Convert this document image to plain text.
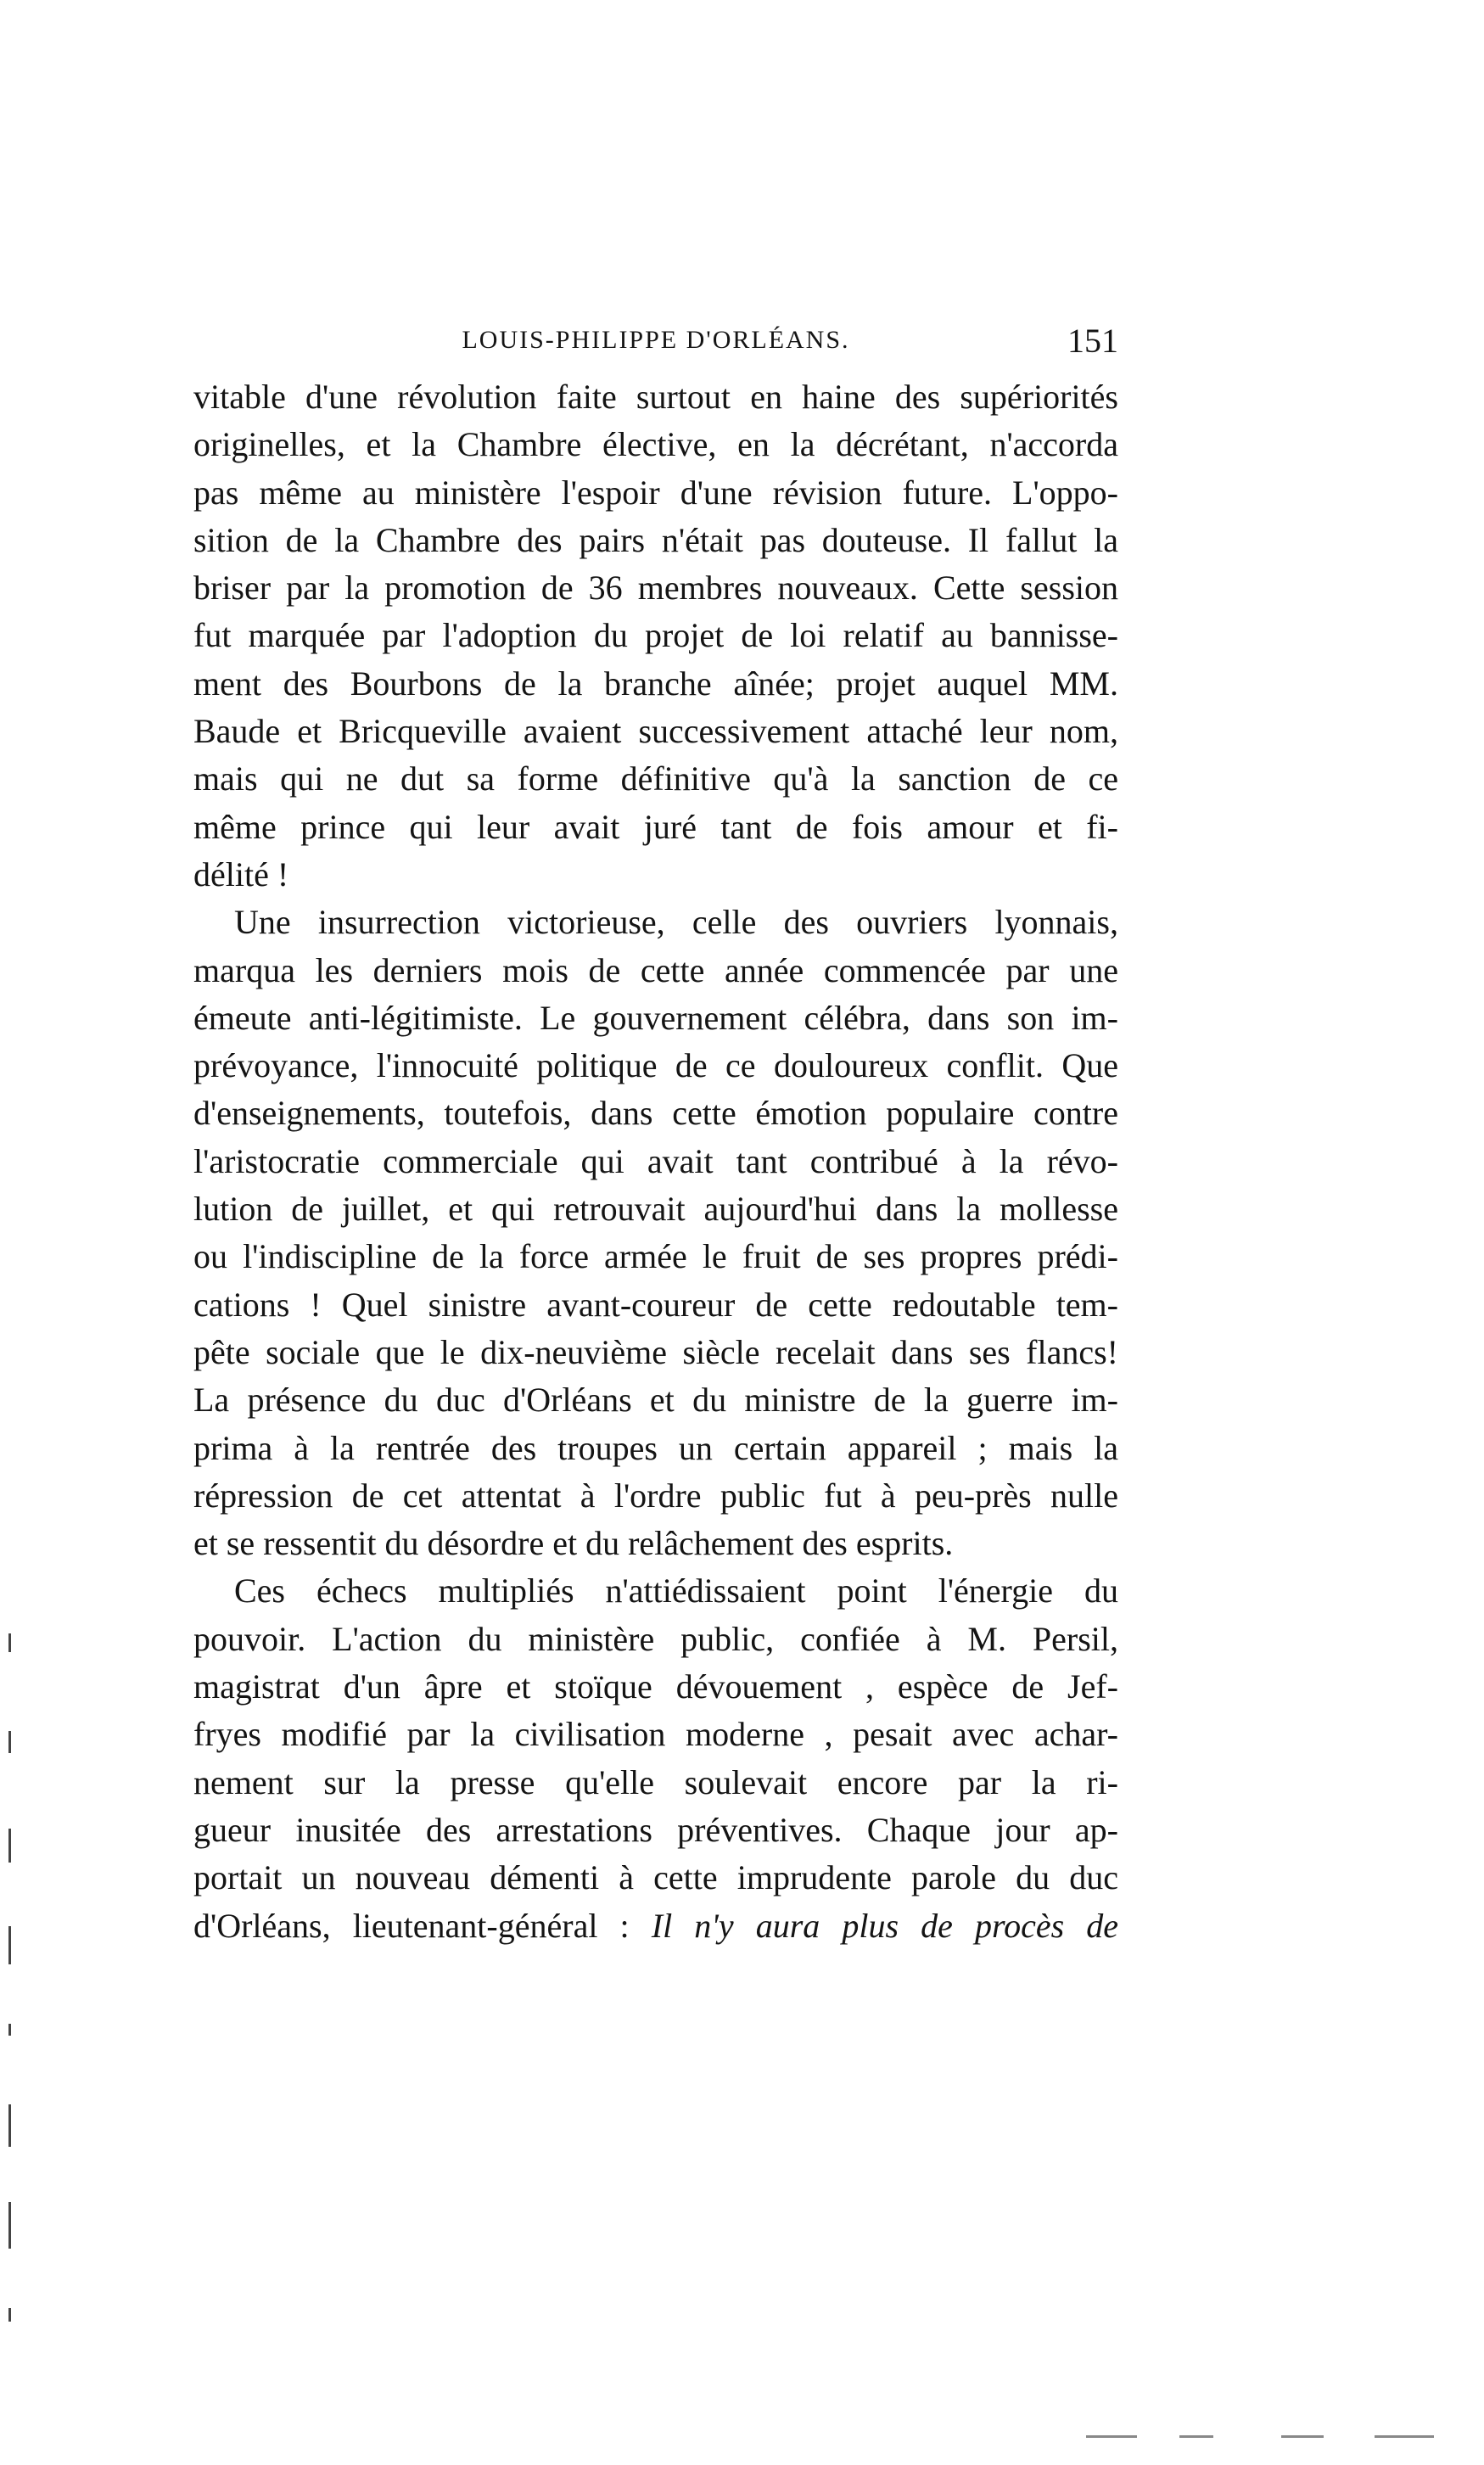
LOUIS-PHILIPPE D'ORLÉANS.	151
vitable d'une révolution faite surtout en haine des supériorités
originelles, et la Chambre élective, en la décrétant, n'accorda
pas même au ministère l'espoir d'une révision future. L'oppo-
sition de la Chambre des pairs n'était pas douteuse. Il fallut la
briser par la promotion de 36 membres nouveaux. Cette session
fut marquée par l'adoption du projet de loi relatif au bannisse-
ment des Bourbons de la branche aînée; projet auquel MM.
Baude et Bricqueville avaient successivement attaché leur nom,
mais qui ne dut sa forme définitive qu'à la sanction de ce
même prince qui leur avait juré tant de fois amour et fi-
délité !
Une insurrection victorieuse, celle des ouvriers lyonnais,
marqua les derniers mois de cette année commencée par une
émeute anti-légitimiste. Le gouvernement célébra, dans son im-
prévoyance, l'innocuité politique de ce douloureux conflit. Que
d'enseignements, toutefois, dans cette émotion populaire contre
l'aristocratie commerciale qui avait tant contribué à la révo-
lution de juillet, et qui retrouvait aujourd'hui dans la mollesse
ou l'indiscipline de la force armée le fruit de ses propres prédi-
cations ! Quel sinistre avant-coureur de cette redoutable tem-
pête sociale que le dix-neuvième siècle recelait dans ses flancs!
La présence du duc d'Orléans et du ministre de la guerre im-
prima à la rentrée des troupes un certain appareil ; mais la
répression de cet attentat à l'ordre public fut à peu-près nulle
et se ressentit du désordre et du relâchement des esprits.
Ces échecs multipliés n'attiédissaient point l'énergie du
pouvoir. L'action du ministère public, confiée à M. Persil,
magistrat d'un âpre et stoïque dévouement , espèce de Jef-
fryes modifié par la civilisation moderne , pesait avec achar-
nement sur la presse qu'elle soulevait encore par la ri-
gueur inusitée des arrestations préventives. Chaque jour ap-
portait un nouveau démenti à cette imprudente parole du duc
d'Orléans, lieutenant-général : Il n'y aura plus de procès de
